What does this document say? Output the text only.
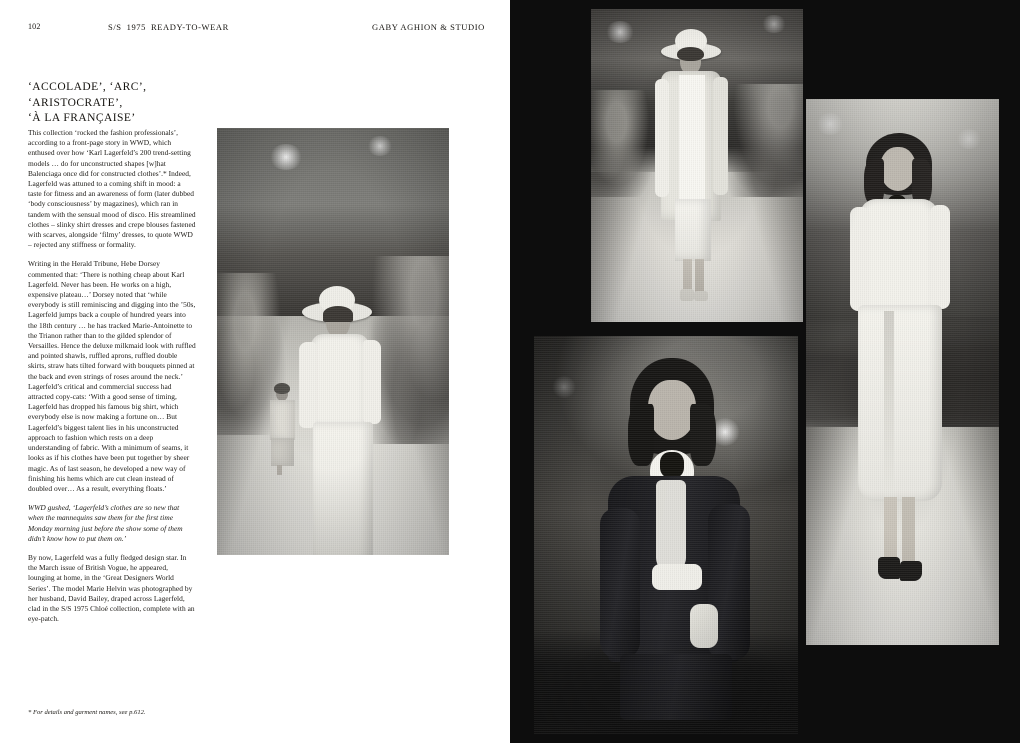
102	S/S 1975 READY-TO-WEAR	GABY AGHION & STUDIO
‘ACCOLADE’, ‘ARC’,
‘ARISTOCRATE’,
‘À LA FRANÇAISE’

This collection ‘rocked the fashion professionals’, according to a front-page story in WWD, which enthused over how ‘Karl Lagerfeld’s 200 trend-setting models … do for unconstructed shapes [w]hat Balenciaga once did for constructed clothes’.* Indeed, Lagerfeld was attuned to a coming shift in mood: a taste for fitness and an awareness of form (later dubbed ‘body consciousness’ by magazines), which ran in tandem with the sensual mood of disco. His streamlined clothes – slinky shirt dresses and crepe blouses fastened with scarves, alongside ‘filmy’ dresses, to quote WWD – rejected any stiffness or formality.

Writing in the Herald Tribune, Hebe Dorsey commented that: ‘There is nothing cheap about Karl Lagerfeld. Never has been. He works on a high, expensive plateau…’ Dorsey noted that ‘while everybody is still reminiscing and digging into the ’50s, Lagerfeld jumps back a couple of hundred years into the 18th century … he has tracked Marie-Antoinette to the Trianon rather than to the gilded splendor of Versailles. Hence the deluxe milkmaid look with ruffled and pointed shawls, ruffled aprons, ruffled double skirts, straw hats tilted forward with bouquets pinned at the back and even strings of roses around the neck.’ Lagerfeld’s critical and commercial success had attracted copy-cats: ‘With a good sense of timing, Lagerfeld has dropped his famous big shirt, which everybody else is now making a fortune on… But Lagerfeld’s biggest talent lies in his unconstructed approach to fashion which rests on a deep understanding of fabric. With a minimum of seams, it looks as if his clothes have been put together by sheer magic. As of last season, he developed a new way of finishing his hems which are cut clean instead of doubled over… As a result, everything floats.’

WWD gushed, ‘Lagerfeld’s clothes are so new that when the mannequins saw them for the first time Monday morning just before the show some of them didn’t know how to put them on.’

By now, Lagerfeld was a fully fledged design star. In the March issue of British Vogue, he appeared, lounging at home, in the ‘Great Designers World Series’. The model Marie Helvin was photographed by her husband, David Bailey, draped across Lagerfeld, clad in the S/S 1975 Chloé collection, complete with an eye-patch.

* For details and garment names, see p.612.
